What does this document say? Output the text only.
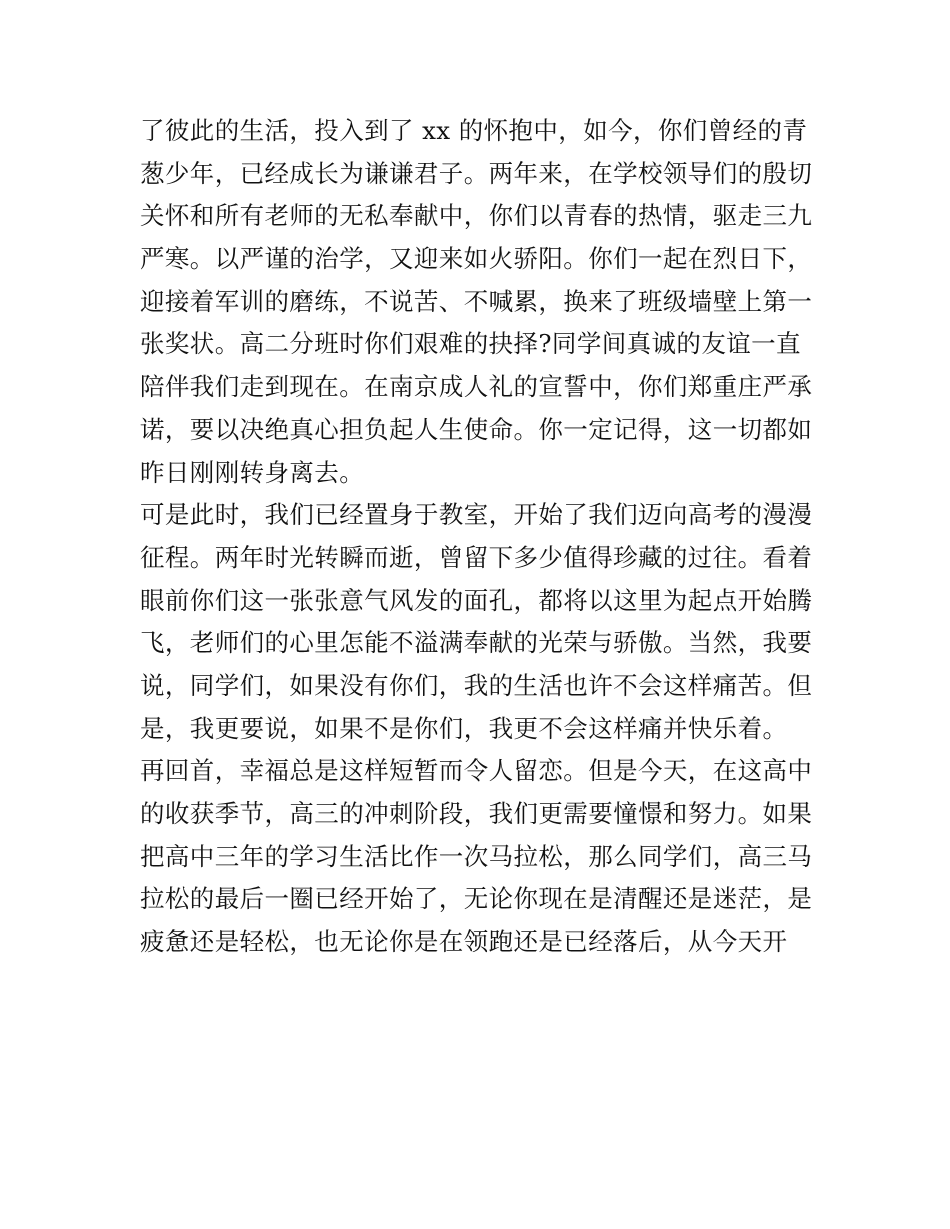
了彼此的生活，投入到了 xx 的怀抱中，如今，你们曾经的青
葱少年，已经成长为谦谦君子。两年来，在学校领导们的殷切
关怀和所有老师的无私奉献中，你们以青春的热情，驱走三九
严寒。以严谨的治学，又迎来如火骄阳。你们一起在烈日下，
迎接着军训的磨练，不说苦、不喊累，换来了班级墙壁上第一
张奖状。高二分班时你们艰难的抉择?同学间真诚的友谊一直
陪伴我们走到现在。在南京成人礼的宣誓中，你们郑重庄严承
诺，要以决绝真心担负起人生使命。你一定记得，这一切都如
昨日刚刚转身离去。
可是此时，我们已经置身于教室，开始了我们迈向高考的漫漫
征程。两年时光转瞬而逝，曾留下多少值得珍藏的过往。看着
眼前你们这一张张意气风发的面孔，都将以这里为起点开始腾
飞，老师们的心里怎能不溢满奉献的光荣与骄傲。当然，我要
说，同学们，如果没有你们，我的生活也许不会这样痛苦。但
是，我更要说，如果不是你们，我更不会这样痛并快乐着。
再回首，幸福总是这样短暂而令人留恋。但是今天，在这高中
的收获季节，高三的冲刺阶段，我们更需要憧憬和努力。如果
把高中三年的学习生活比作一次马拉松，那么同学们，高三马
拉松的最后一圈已经开始了，无论你现在是清醒还是迷茫，是
疲惫还是轻松，也无论你是在领跑还是已经落后，从今天开
